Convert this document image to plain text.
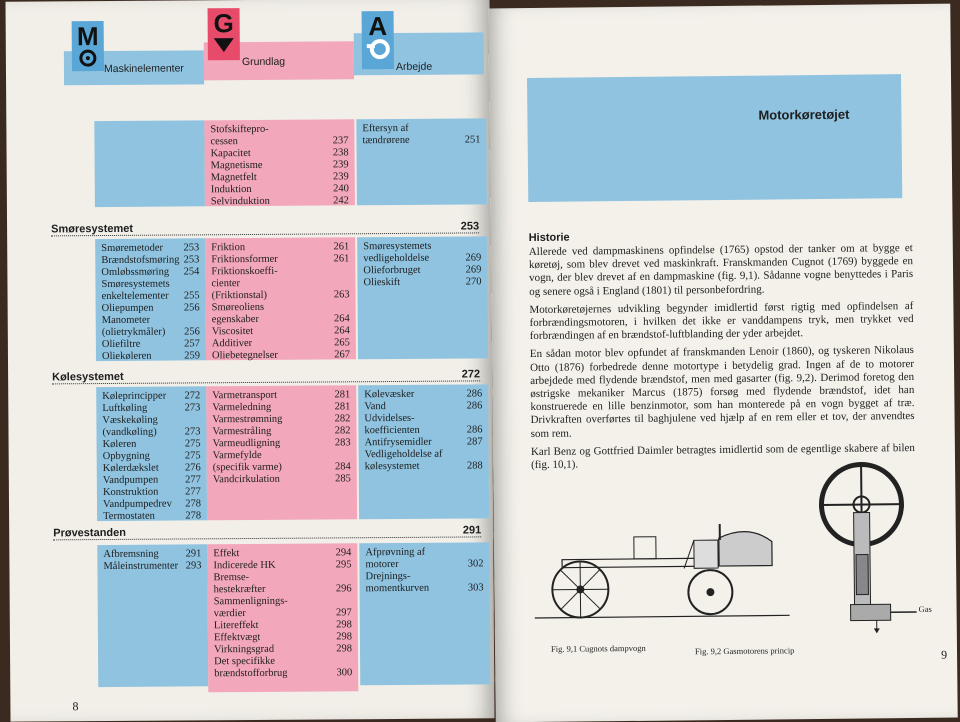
M
Maskinelementer
G
Grundlag
A
Arbejde
Stofskiftepro-
cessen	237
Kapacitet	238
Magnetisme	239
Magnetfelt	239
Induktion	240
Selvinduktion	242
Eftersyn af
tændrørene	251
Smøresystemet	253
Smøremetoder 253
Brændstofsmøring 253
Omløbssmøring 254
Smøresystemets
enkeltelementer 255
Oliepumpen	256
Manometer
(olietrykmåler) 256
Oliefiltre	257
Oliekøleren	259
Friktion	261
Friktionsformer	261
Friktionskoeffi-
cienter
(Friktionstal)	263
Smøreoliens
egenskaber	264
Viscositet	264
Additiver	265
Oliebetegnelser	267
Smøresystemets
vedligeholdelse	269
Olieforbruget	269
Olieskift	270
Kølesystemet	272
Kølepriпcipper 272
Luftkøling	273
Væskekøling
(vandkøling)	273
Køleren	275
Opbygning	275
Kølerdækslet 276
Vandpumpen	277
Konstruktion	277
Vandpumpedrev 278
Termostaten	278
Varmetransport	281
Varmeledning	281
Varmestrømning	282
Varmestråling	282
Varmeudligning	283
Varmefylde
(specifik varme)	284
Vandcirkulation	285
Kølevæsker	286
Vand	286
Udvidelses-
koefficienten	286
Antifrysemidler	287
Vedligeholdelse af
kølesystemet	288
Prøvestanden	291
Afbremsning	291
Måleinstrumenter 293
Effekt	294
Indicerede HK	295
Bremse-
hestekræfter	296
Sammenlignings-
værdier	297
Litereffekt	298
Effektvægt	298
Virkningsgrad	298
Det specifikke
brændstofforbrug	300
Afprøvning af
motorer	302
Drejnings-
momentkurven	303
8
Motorkøretøjet
Historie

Allerede ved dampmaskinens opfindelse (1765) opstod der tanker om at bygge et køretøj, som blev drevet ved maskinkraft. Franskmanden Cugnot (1769) byggede en vogn, der blev drevet af en dampmaskine (fig. 9,1). Sådanne vogne benyttedes i Paris og senere også i England (1801) til personbefordring.

Motorkøretøjernes udvikling begynder imidlertid først rigtig med opfindelsen af forbrændingsmotoren, i hvilken det ikke er vanddampens tryk, men trykket ved forbrændingen af en brændstof-luftblanding der yder arbejdet.

En sådan motor blev opfundet af franskmanden Lenoir (1860), og tyskeren Nikolaus Otto (1876) forbedrede denne motortype i betydelig grad. Ingen af de to motorer arbejdede med flydende brændstof, men med gasarter (fig. 9,2). Derimod foretog den østrigske mekaniker Marcus (1875) forsøg med flydende brændstof, idet han konstruerede en lille benzinmotor, som han monterede på en vogn bygget af træ. Drivkraften overførtes til baghjulene ved hjælp af en rem eller et tov, der anvendtes som rem.

Karl Benz og Gottfried Daimler betragtes imidlertid som de egentlige skabere af bilen (fig. 10,1).

Fig. 9,1 Cugnots dampvogn
Gas
Fig. 9,2 Gasmotorens princip	9
